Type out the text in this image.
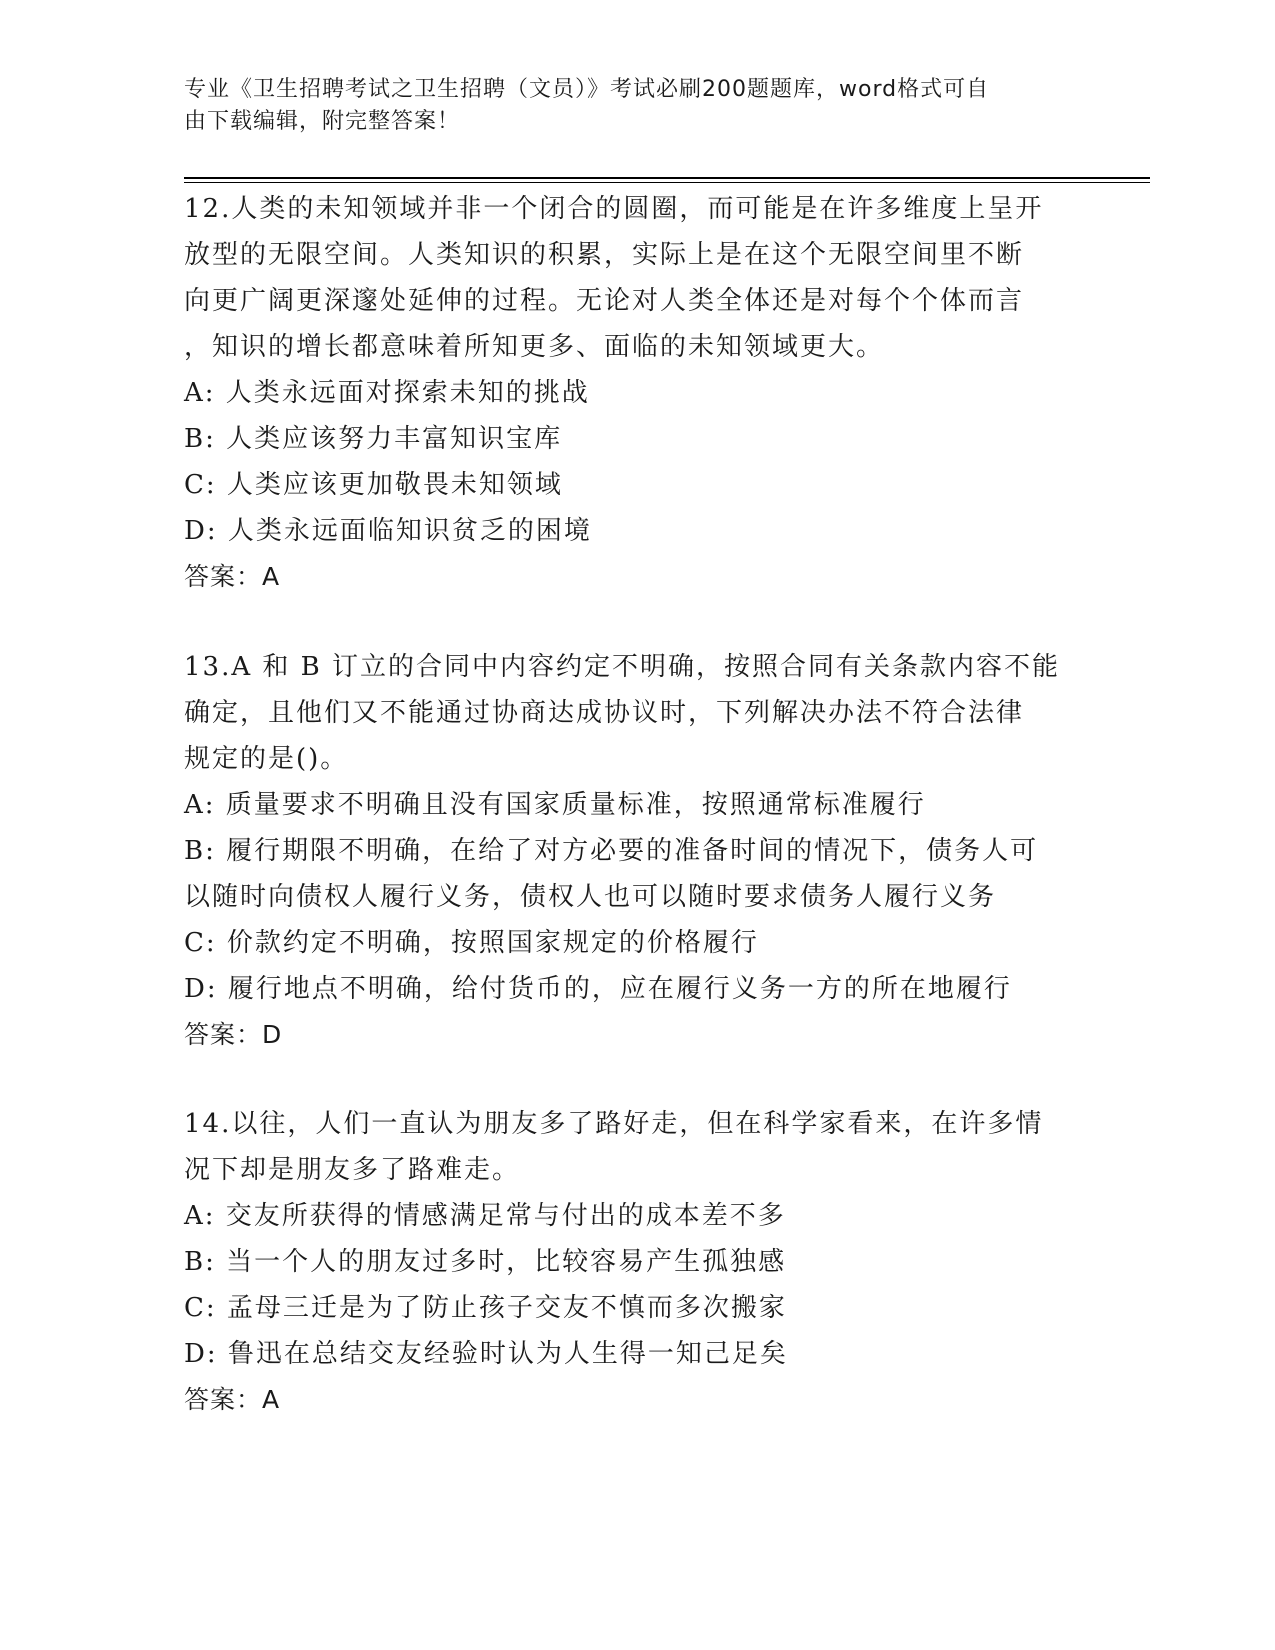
专业《卫生招聘考试之卫生招聘（文员）》考试必刷200题题库，word格式可自
由下载编辑，附完整答案！
12.人类的未知领域并非一个闭合的圆圈，而可能是在许多维度上呈开
放型的无限空间。人类知识的积累，实际上是在这个无限空间里不断
向更广阔更深邃处延伸的过程。无论对人类全体还是对每个个体而言
，知识的增长都意味着所知更多、面临的未知领域更大。
A: 人类永远面对探索未知的挑战
B: 人类应该努力丰富知识宝库
C: 人类应该更加敬畏未知领域
D: 人类永远面临知识贫乏的困境
答案：A
13.A 和 B 订立的合同中内容约定不明确，按照合同有关条款内容不能
确定，且他们又不能通过协商达成协议时，下列解决办法不符合法律
规定的是()。
A: 质量要求不明确且没有国家质量标准，按照通常标准履行
B: 履行期限不明确，在给了对方必要的准备时间的情况下，债务人可
以随时向债权人履行义务，债权人也可以随时要求债务人履行义务
C: 价款约定不明确，按照国家规定的价格履行
D: 履行地点不明确，给付货币的，应在履行义务一方的所在地履行
答案：D
14.以往，人们一直认为朋友多了路好走，但在科学家看来，在许多情
况下却是朋友多了路难走。
A: 交友所获得的情感满足常与付出的成本差不多
B: 当一个人的朋友过多时，比较容易产生孤独感
C: 孟母三迁是为了防止孩子交友不慎而多次搬家
D: 鲁迅在总结交友经验时认为人生得一知己足矣
答案：A
